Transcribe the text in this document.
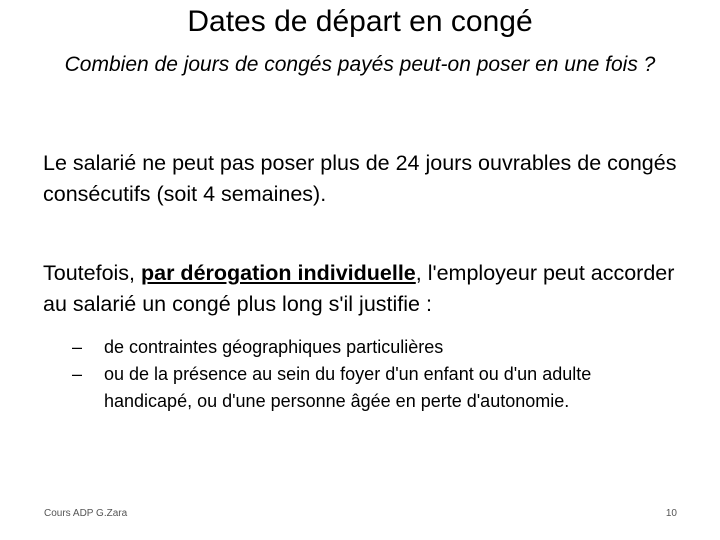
Dates de départ en congé
Combien de jours de congés payés peut-on poser en une fois ?
Le salarié ne peut pas poser plus de 24 jours ouvrables de congés consécutifs (soit 4 semaines).
Toutefois, par dérogation individuelle, l'employeur peut accorder au salarié un congé plus long s'il justifie :
– de contraintes géographiques particulières
– ou de la présence au sein du foyer d'un enfant ou d'un adulte handicapé, ou d'une personne âgée en perte d'autonomie.
Cours ADP G.Zara	10
